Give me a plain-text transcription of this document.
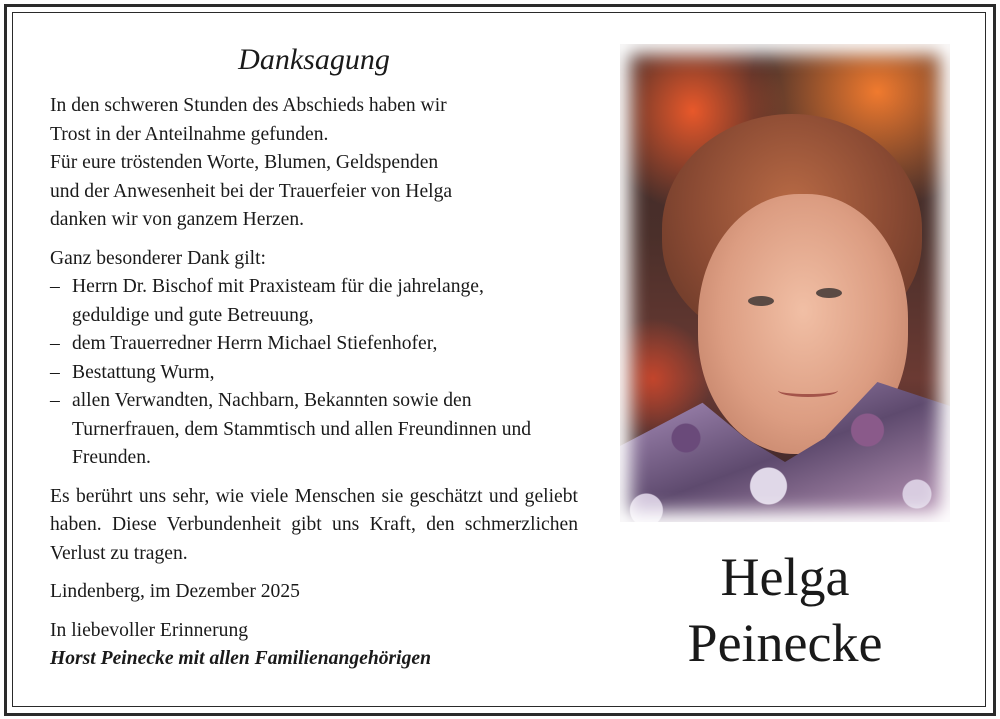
Danksagung

In den schweren Stunden des Abschieds haben wir

Trost in der Anteilnahme gefunden.

Für eure tröstenden Worte, Blumen, Geldspenden

und der Anwesenheit bei der Trauerfeier von Helga

danken wir von ganzem Herzen.

Ganz besonderer Dank gilt:

– Herrn Dr. Bischof mit Praxisteam für die jahrelange, geduldige und gute Betreuung,
– dem Trauerredner Herrn Michael Stiefenhofer,
– Bestattung Wurm,
– allen Verwandten, Nachbarn, Bekannten sowie den Turnerfrauen, dem Stammtisch und allen Freundinnen und Freunden.

Es berührt uns sehr, wie viele Menschen sie geschätzt und geliebt haben. Diese Verbundenheit gibt uns Kraft, den schmerzlichen Verlust zu tragen.

Lindenberg, im Dezember 2025

In liebevoller Erinnerung

Horst Peinecke mit allen Familienangehörigen

Helga
Peinecke
